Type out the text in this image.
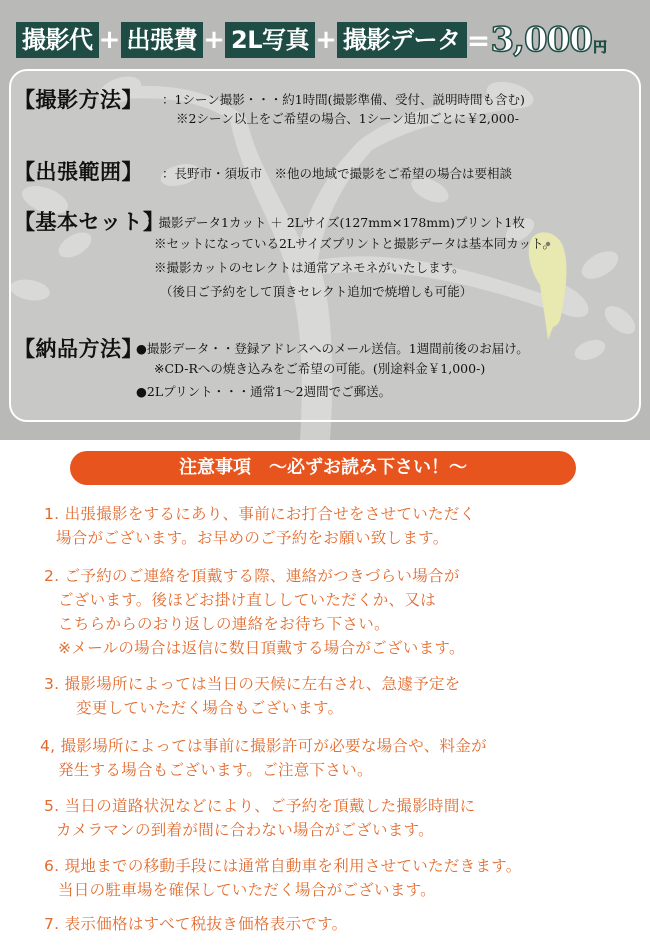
撮影代 + 出張費 + 2L写真 + 撮影データ = 3,000 円
【撮影方法】 ：1シーン撮影・・・約1時間(撮影準備、受付、説明時間も含む)
※2シーン以上をご希望の場合、1シーン追加ごとに￥2,000-
【出張範囲】 ：長野市・須坂市　※他の地域で撮影をご希望の場合は要相談
【基本セット】
：撮影データ1カット ＋ 2Lサイズ(127mm×178mm)プリント1枚
※セットになっている2Lサイズプリントと撮影データは基本同カット。
※撮影カットのセレクトは通常アネモネがいたします。
（後日ご予約をして頂きセレクト追加で焼増しも可能）
【納品方法】
●撮影データ・・登録アドレスへのメール送信。1週間前後のお届け。
※CD-Rへの焼き込みをご希望の可能。(別途料金￥1,000-)
●2Lプリント・・・通常1～2週間でご郵送。
注意事項　～必ずお読み下さい！～
1. 出張撮影をするにあり、事前にお打合せをさせていただく
場合がございます。お早めのご予約をお願い致します。
2. ご予約のご連絡を頂戴する際、連絡がつきづらい場合が
ございます。後ほどお掛け直ししていただくか、又は
こちらからのおり返しの連絡をお待ち下さい。
※メールの場合は返信に数日頂戴する場合がございます。
3. 撮影場所によっては当日の天候に左右され、急遽予定を
変更していただく場合もございます。
4, 撮影場所によっては事前に撮影許可が必要な場合や、料金が
発生する場合もございます。ご注意下さい。
5. 当日の道路状況などにより、ご予約を頂戴した撮影時間に
カメラマンの到着が間に合わない場合がございます。
6. 現地までの移動手段には通常自動車を利用させていただきます。
当日の駐車場を確保していただく場合がございます。
7. 表示価格はすべて税抜き価格表示です。
